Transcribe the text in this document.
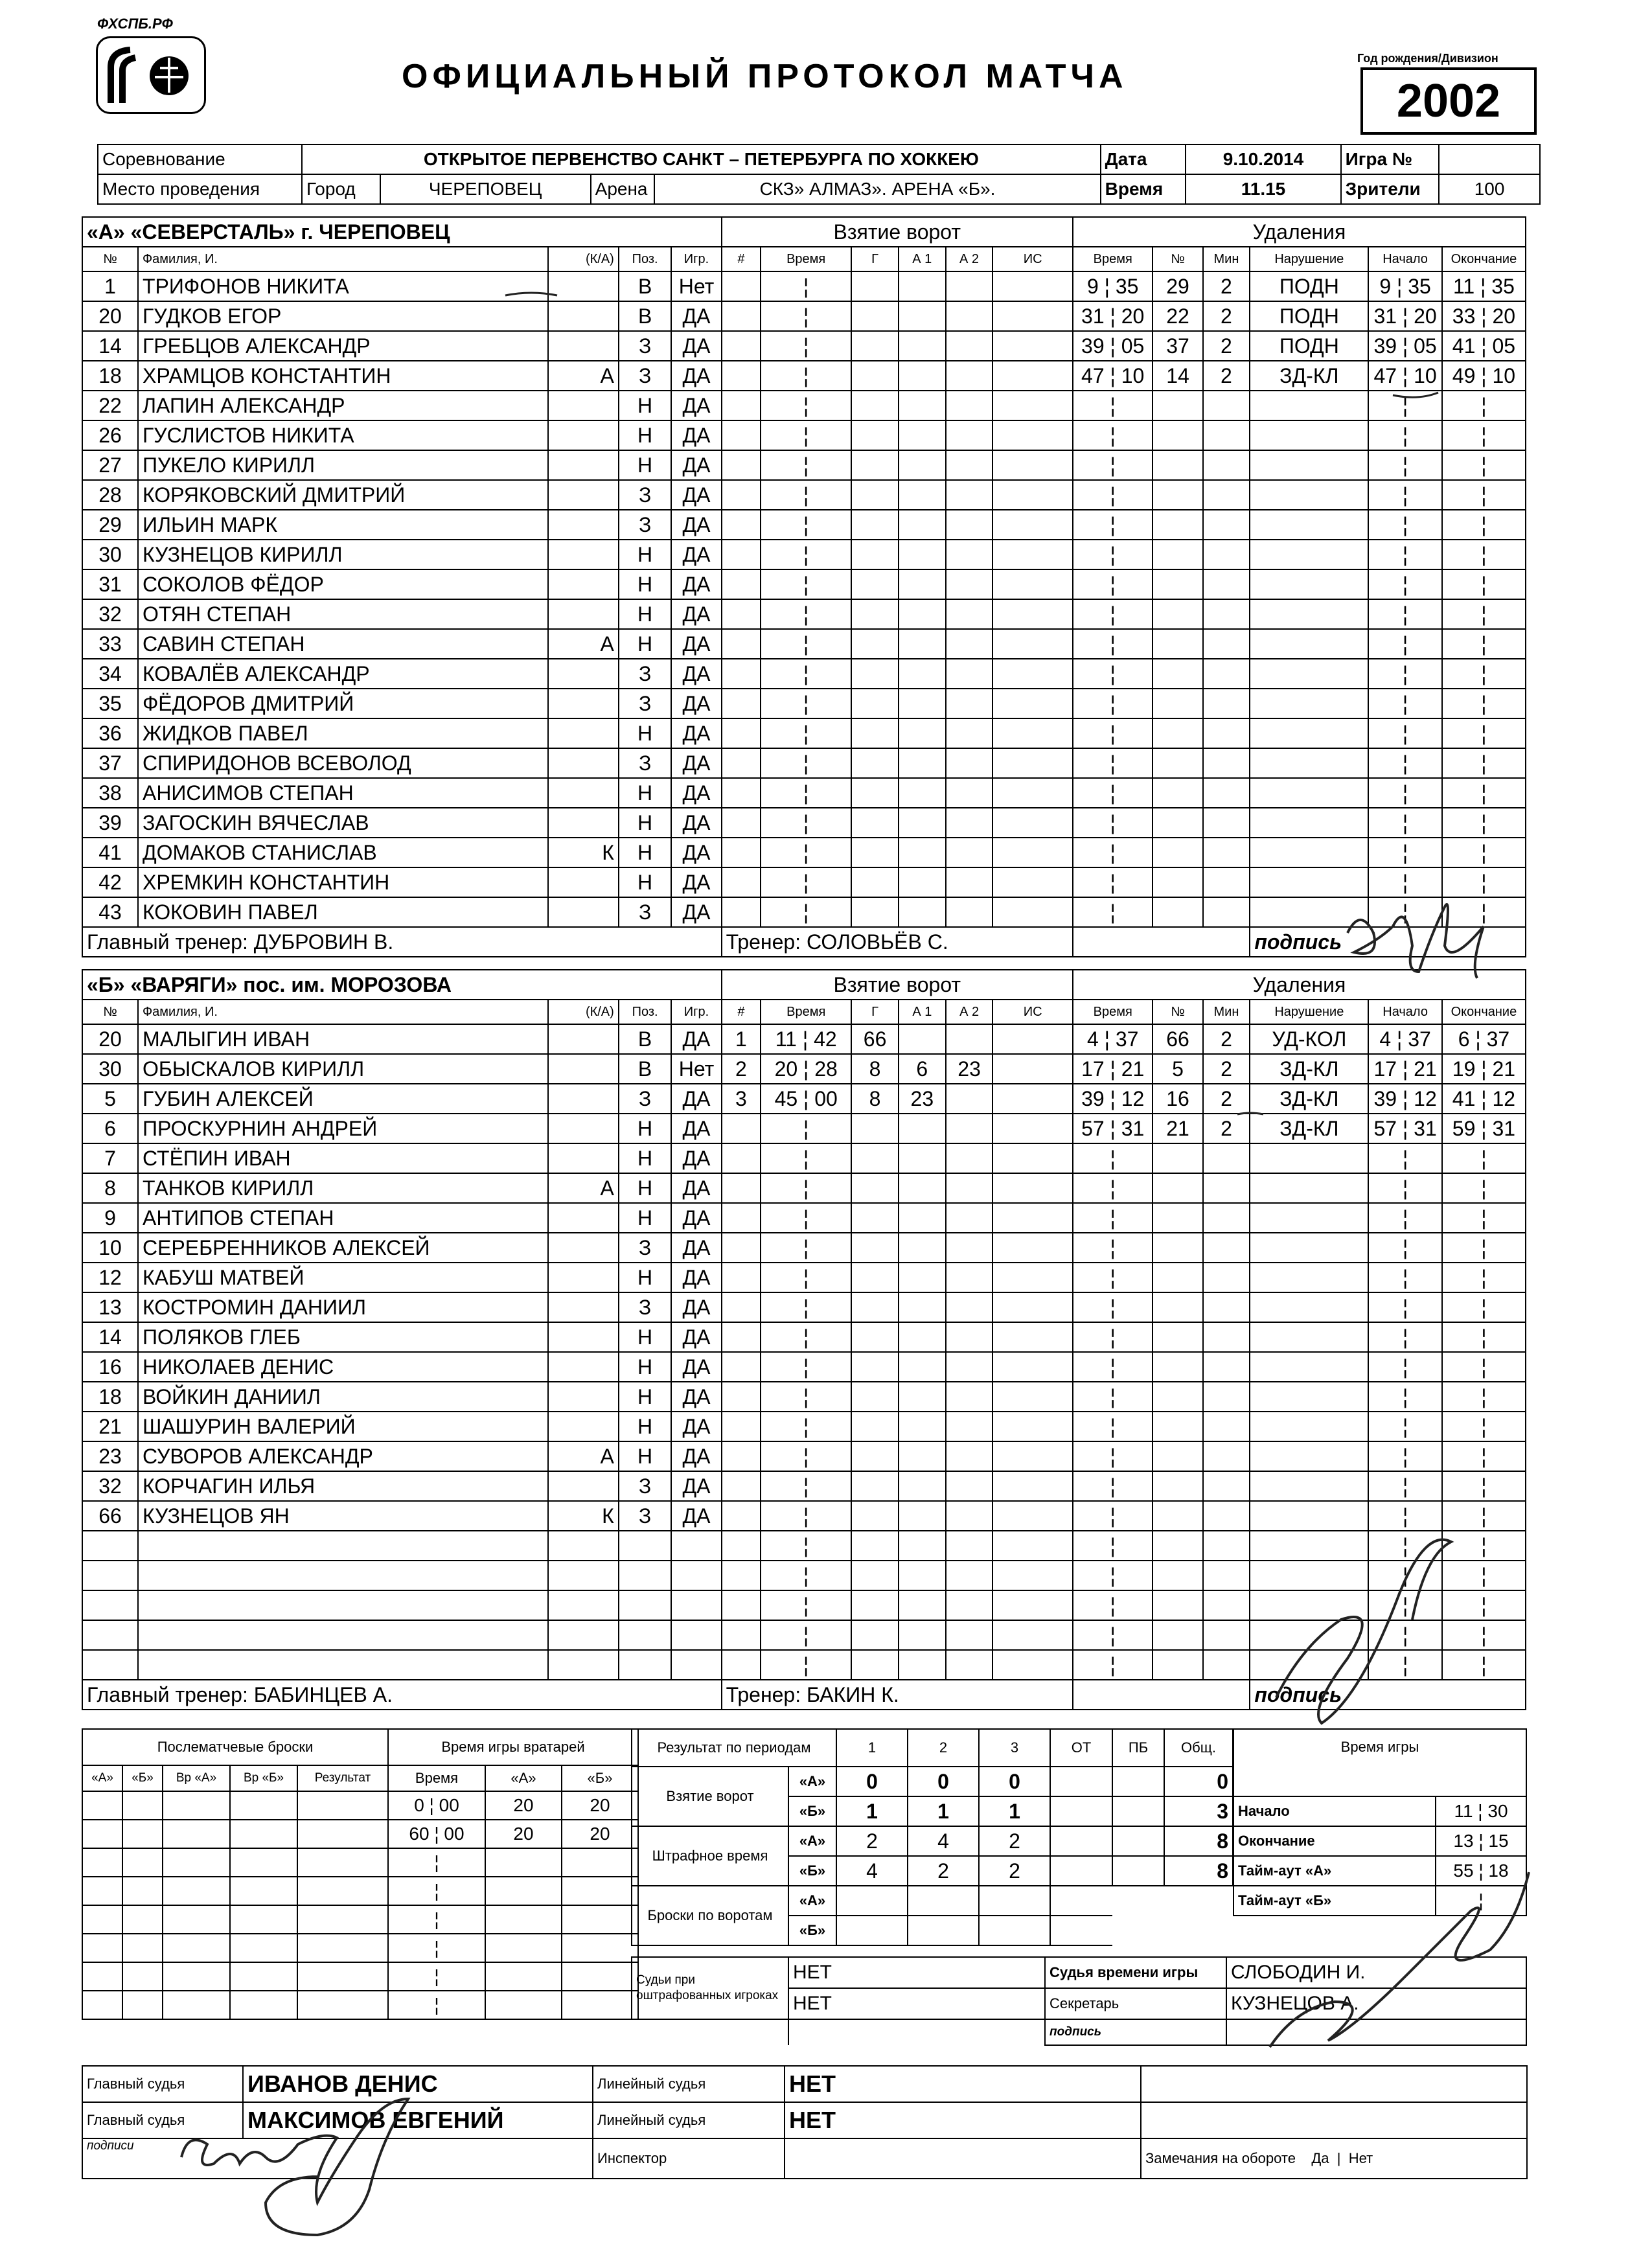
ФХСПБ.РФ
ОФИЦИАЛЬНЫЙ ПРОТОКОЛ МАТЧА	Год рождения/Дивизион
2002
Соревнование	ОТКРЫТОЕ ПЕРВЕНСТВО САНКТ – ПЕТЕРБУРГА ПО ХОККЕЮ				Дата	9.10.2014	Игра №	
Место проведения	Город	ЧЕРЕПОВЕЦ	Арена	СКЗ» АЛМАЗ». АРЕНА «Б».	Время	11.15	Зрители	100
«А» «СЕВЕРСТАЛЬ» г. ЧЕРЕПОВЕЦ					Взятие ворот						Удаления					
№	Фамилия, И.	(К/А)	Поз.	Игр.	#	Время	Г	А 1	А 2	ИС	Время	№	Мин	Нарушение	Начало	Окончание
1	ТРИФОНОВ НИКИТА		В	Нет		¦					9 ¦ 35	29	2	ПОДН	9 ¦ 35	11 ¦ 35
20	ГУДКОВ ЕГОР		В	ДА		¦					31 ¦ 20	22	2	ПОДН	31 ¦ 20	33 ¦ 20
14	ГРЕБЦОВ АЛЕКСАНДР		З	ДА		¦					39 ¦ 05	37	2	ПОДН	39 ¦ 05	41 ¦ 05
18	ХРАМЦОВ КОНСТАНТИН	А	З	ДА		¦					47 ¦ 10	14	2	ЗД-КЛ	47 ¦ 10	49 ¦ 10
22	ЛАПИН АЛЕКСАНДР		Н	ДА		¦					¦				¦	¦
26	ГУСЛИСТОВ НИКИТА		Н	ДА		¦					¦				¦	¦
27	ПУКЕЛО КИРИЛЛ		Н	ДА		¦					¦				¦	¦
28	КОРЯКОВСКИЙ ДМИТРИЙ		З	ДА		¦					¦				¦	¦
29	ИЛЬИН МАРК		З	ДА		¦					¦				¦	¦
30	КУЗНЕЦОВ КИРИЛЛ		Н	ДА		¦					¦				¦	¦
31	СОКОЛОВ ФЁДОР		Н	ДА		¦					¦				¦	¦
32	ОТЯН СТЕПАН		Н	ДА		¦					¦				¦	¦
33	САВИН СТЕПАН	А	Н	ДА		¦					¦				¦	¦
34	КОВАЛЁВ АЛЕКСАНДР		З	ДА		¦					¦				¦	¦
35	ФЁДОРОВ ДМИТРИЙ		З	ДА		¦					¦				¦	¦
36	ЖИДКОВ ПАВЕЛ		Н	ДА		¦					¦				¦	¦
37	СПИРИДОНОВ ВСЕВОЛОД		З	ДА		¦					¦				¦	¦
38	АНИСИМОВ СТЕПАН		Н	ДА		¦					¦				¦	¦
39	ЗАГОСКИН ВЯЧЕСЛАВ		Н	ДА		¦					¦				¦	¦
41	ДОМАКОВ СТАНИСЛАВ	К	Н	ДА		¦					¦				¦	¦
42	ХРЕМКИН КОНСТАНТИН		Н	ДА		¦					¦				¦	¦
43	КОКОВИН ПАВЕЛ		З	ДА		¦					¦				¦	¦
Главный тренер: ДУБРОВИН В.					Тренер: СОЛОВЬЁВ С.									подпись		
«Б» «ВАРЯГИ» пос. им. МОРОЗОВА					Взятие ворот						Удаления					
№	Фамилия, И.	(К/А)	Поз.	Игр.	#	Время	Г	А 1	А 2	ИС	Время	№	Мин	Нарушение	Начало	Окончание
20	МАЛЫГИН ИВАН		В	ДА	1	11 ¦ 42	66				4 ¦ 37	66	2	УД-КОЛ	4 ¦ 37	6 ¦ 37
30	ОБЫСКАЛОВ КИРИЛЛ		В	Нет	2	20 ¦ 28	8	6	23		17 ¦ 21	5	2	ЗД-КЛ	17 ¦ 21	19 ¦ 21
5	ГУБИН АЛЕКСЕЙ		З	ДА	3	45 ¦ 00	8	23			39 ¦ 12	16	2	ЗД-КЛ	39 ¦ 12	41 ¦ 12
6	ПРОСКУРНИН АНДРЕЙ		Н	ДА		¦					57 ¦ 31	21	2	ЗД-КЛ	57 ¦ 31	59 ¦ 31
7	СТЁПИН ИВАН		Н	ДА		¦					¦				¦	¦
8	ТАНКОВ КИРИЛЛ	А	Н	ДА		¦					¦				¦	¦
9	АНТИПОВ СТЕПАН		Н	ДА		¦					¦				¦	¦
10	СЕРЕБРЕННИКОВ АЛЕКСЕЙ		З	ДА		¦					¦				¦	¦
12	КАБУШ МАТВЕЙ		Н	ДА		¦					¦				¦	¦
13	КОСТРОМИН ДАНИИЛ		З	ДА		¦					¦				¦	¦
14	ПОЛЯКОВ ГЛЕБ		Н	ДА		¦					¦				¦	¦
16	НИКОЛАЕВ ДЕНИС		Н	ДА		¦					¦				¦	¦
18	ВОЙКИН ДАНИИЛ		Н	ДА		¦					¦				¦	¦
21	ШАШУРИН ВАЛЕРИЙ		Н	ДА		¦					¦				¦	¦
23	СУВОРОВ АЛЕКСАНДР	А	Н	ДА		¦					¦				¦	¦
32	КОРЧАГИН ИЛЬЯ		З	ДА		¦					¦				¦	¦
66	КУЗНЕЦОВ ЯН	К	З	ДА		¦					¦				¦	¦
						¦					¦				¦	¦
						¦					¦				¦	¦
						¦					¦				¦	¦
						¦					¦				¦	¦
						¦					¦				¦	¦
Главный тренер: БАБИНЦЕВ А.					Тренер: БАКИН К.									подпись		
Послематчевые броски					Время игры вратарей		
«А»	«Б»	Вр «А»	Вр «Б»	Результат	Время	«А»	«Б»
					0 ¦ 00	20	20
					60 ¦ 00	20	20
					¦		
					¦		
					¦		
					¦		
					¦		
					¦		
Результат по периодам		1	2	3	ОТ	ПБ	Общ.
Взятие ворот	«А»	0	0	0			0
	«Б»	1	1	1			3
Штрафное время	«А»	2	4	2			8
	«Б»	4	2	2			8
Броски по воротам	«А»						
	«Б»						
Время игры	
Начало	11 ¦ 30
Окончание	13 ¦ 15
Тайм-аут «А»	55 ¦ 18
Тайм-аут «Б»	¦
Судьи при оштрафованных игроках	НЕТ	Судья времени игры	СЛОБОДИН И.
	НЕТ	Секретарь	КУЗНЕЦОВ А.
		подпись	
Главный судья	ИВАНОВ ДЕНИС	Линейный судья	НЕТ	
Главный судья	МАКСИМОВ ЕВГЕНИЙ	Линейный судья	НЕТ	
подписи		Инспектор		Замечания на обороте Да | Нет
